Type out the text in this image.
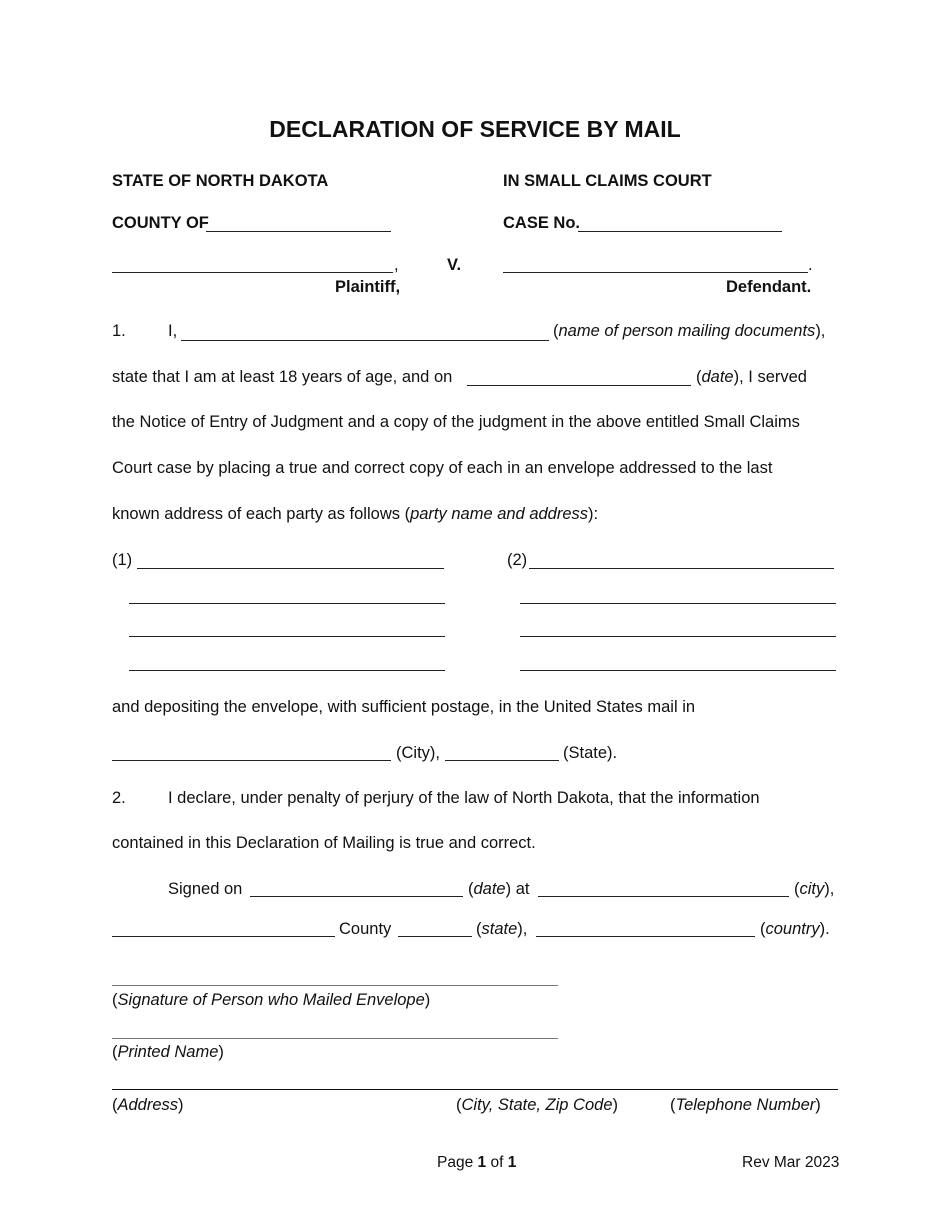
DECLARATION OF SERVICE BY MAIL
STATE OF NORTH DAKOTA	IN SMALL CLAIMS COURT
COUNTY OF	CASE No.
,	V.	.
Plaintiff,	Defendant.
1.	I,	(name of person mailing documents),
state that I am at least 18 years of age, and on	(date), I served
the Notice of Entry of Judgment and a copy of the judgment in the above entitled Small Claims
Court case by placing a true and correct copy of each in an envelope addressed to the last
known address of each party as follows (party name and address):
(1)	(2)
and depositing the envelope, with sufficient postage, in the United States mail in
(City),	(State).
2.	I declare, under penalty of perjury of the law of North Dakota, that the information
contained in this Declaration of Mailing is true and correct.
Signed on	(date) at	(city),
County	(state),	(country).
(Signature of Person who Mailed Envelope)
(Printed Name)
(Address)	(City, State, Zip Code)	(Telephone Number)
Page 1 of 1	Rev Mar 2023
